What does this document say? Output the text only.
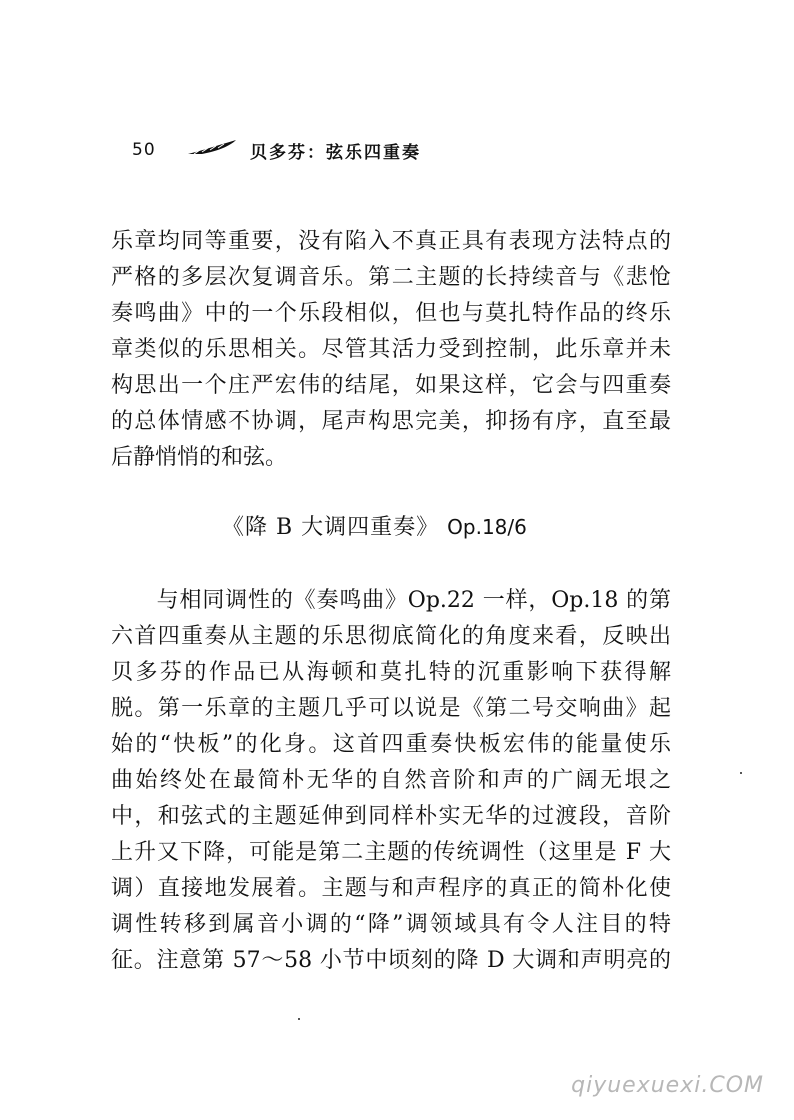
50	贝多芬：弦乐四重奏
乐章均同等重要，没有陷入不真正具有表现方法特点的
严格的多层次复调音乐。第二主题的长持续音与《悲怆
奏鸣曲》中的一个乐段相似，但也与莫扎特作品的终乐
章类似的乐思相关。尽管其活力受到控制，此乐章并未
构思出一个庄严宏伟的结尾，如果这样，它会与四重奏
的总体情感不协调，尾声构思完美，抑扬有序，直至最
后静悄悄的和弦。
《降 B 大调四重奏》 Op.18/6
　　与相同调性的《奏鸣曲》Op.22 一样，Op.18 的第
六首四重奏从主题的乐思彻底简化的角度来看，反映出
贝多芬的作品已从海顿和莫扎特的沉重影响下获得解
脱。第一乐章的主题几乎可以说是《第二号交响曲》起
始的“快板”的化身。这首四重奏快板宏伟的能量使乐
曲始终处在最简朴无华的自然音阶和声的广阔无垠之
中，和弦式的主题延伸到同样朴实无华的过渡段，音阶
上升又下降，可能是第二主题的传统调性（这里是 F 大
调）直接地发展着。主题与和声程序的真正的简朴化使
调性转移到属音小调的“降”调领域具有令人注目的特
征。注意第 57～58 小节中顷刻的降 D 大调和声明亮的
qiyuexuexi.COM
